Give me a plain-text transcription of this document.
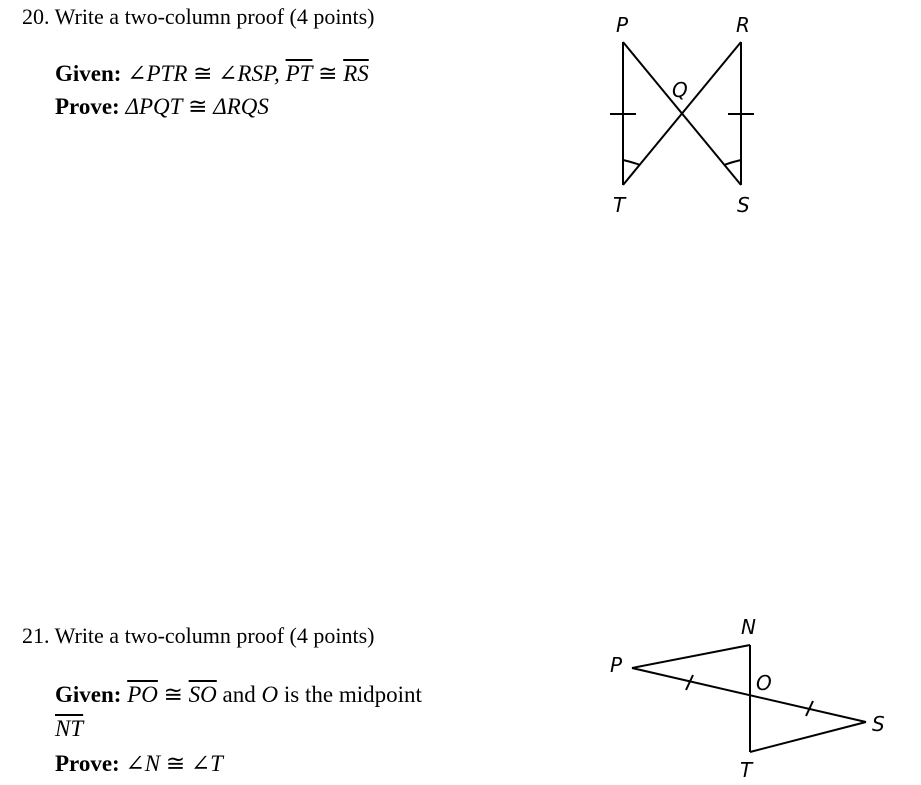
20. Write a two-column proof (4 points)
Given: ∠PTR ≅ ∠RSP, $\overline{PT}$ ≅ $\overline{RS}$
Prove: ΔPQT ≅ ΔRQS
P	R
Q
T	S
21. Write a two-column proof (4 points)
Given: $\overline{PO}$ ≅ $\overline{SO}$ and O is the midpoint
$\overline{NT}$
Prove: ∠N ≅ ∠T
N
P
O
S
T
